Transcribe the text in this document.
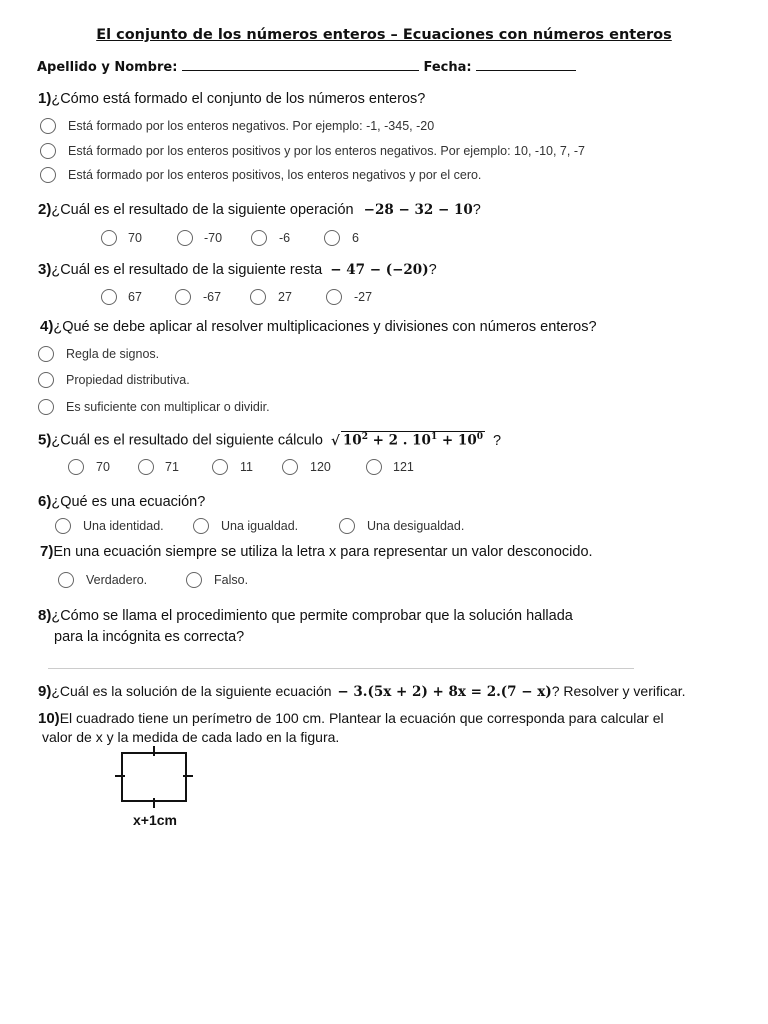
El conjunto de los números enteros – Ecuaciones con números enteros
Apellido y Nombre:	Fecha:
1)¿Cómo está formado el conjunto de los números enteros?
Está formado por los enteros negativos. Por ejemplo: -1, -345, -20
Está formado por los enteros positivos y por los enteros negativos. Por ejemplo: 10, -10, 7, -7
Está formado por los enteros positivos, los enteros negativos y por el cero.
2)¿Cuál es el resultado de la siguiente operación −28 − 32 − 10?
70	-70	-6	6
3)¿Cuál es el resultado de la siguiente resta − 47 − (−20)?
67	-67	27	-27
4)¿Qué se debe aplicar al resolver multiplicaciones y divisiones con números enteros?
Regla de signos.
Propiedad distributiva.
Es suficiente con multiplicar o dividir.
5)¿Cuál es el resultado del siguiente cálculo √ $10^2 + 2$ . $10^1 + 10^0$ ?
70	71	11	120	121
6)¿Qué es una ecuación?
Una identidad.	Una igualdad.	Una desigualdad.
7)En una ecuación siempre se utiliza la letra x para representar un valor desconocido.
Verdadero.	Falso.
8)¿Cómo se llama el procedimiento que permite comprobar que la solución hallada
para la incógnita es correcta?
9)¿Cuál es la solución de la siguiente ecuación − 3.(5x + 2) + 8x = 2.(7 − x)? Resolver y verificar.
10)El cuadrado tiene un perímetro de 100 cm. Plantear la ecuación que corresponda para calcular el
valor de x y la medida de cada lado en la figura.
x+1cm
